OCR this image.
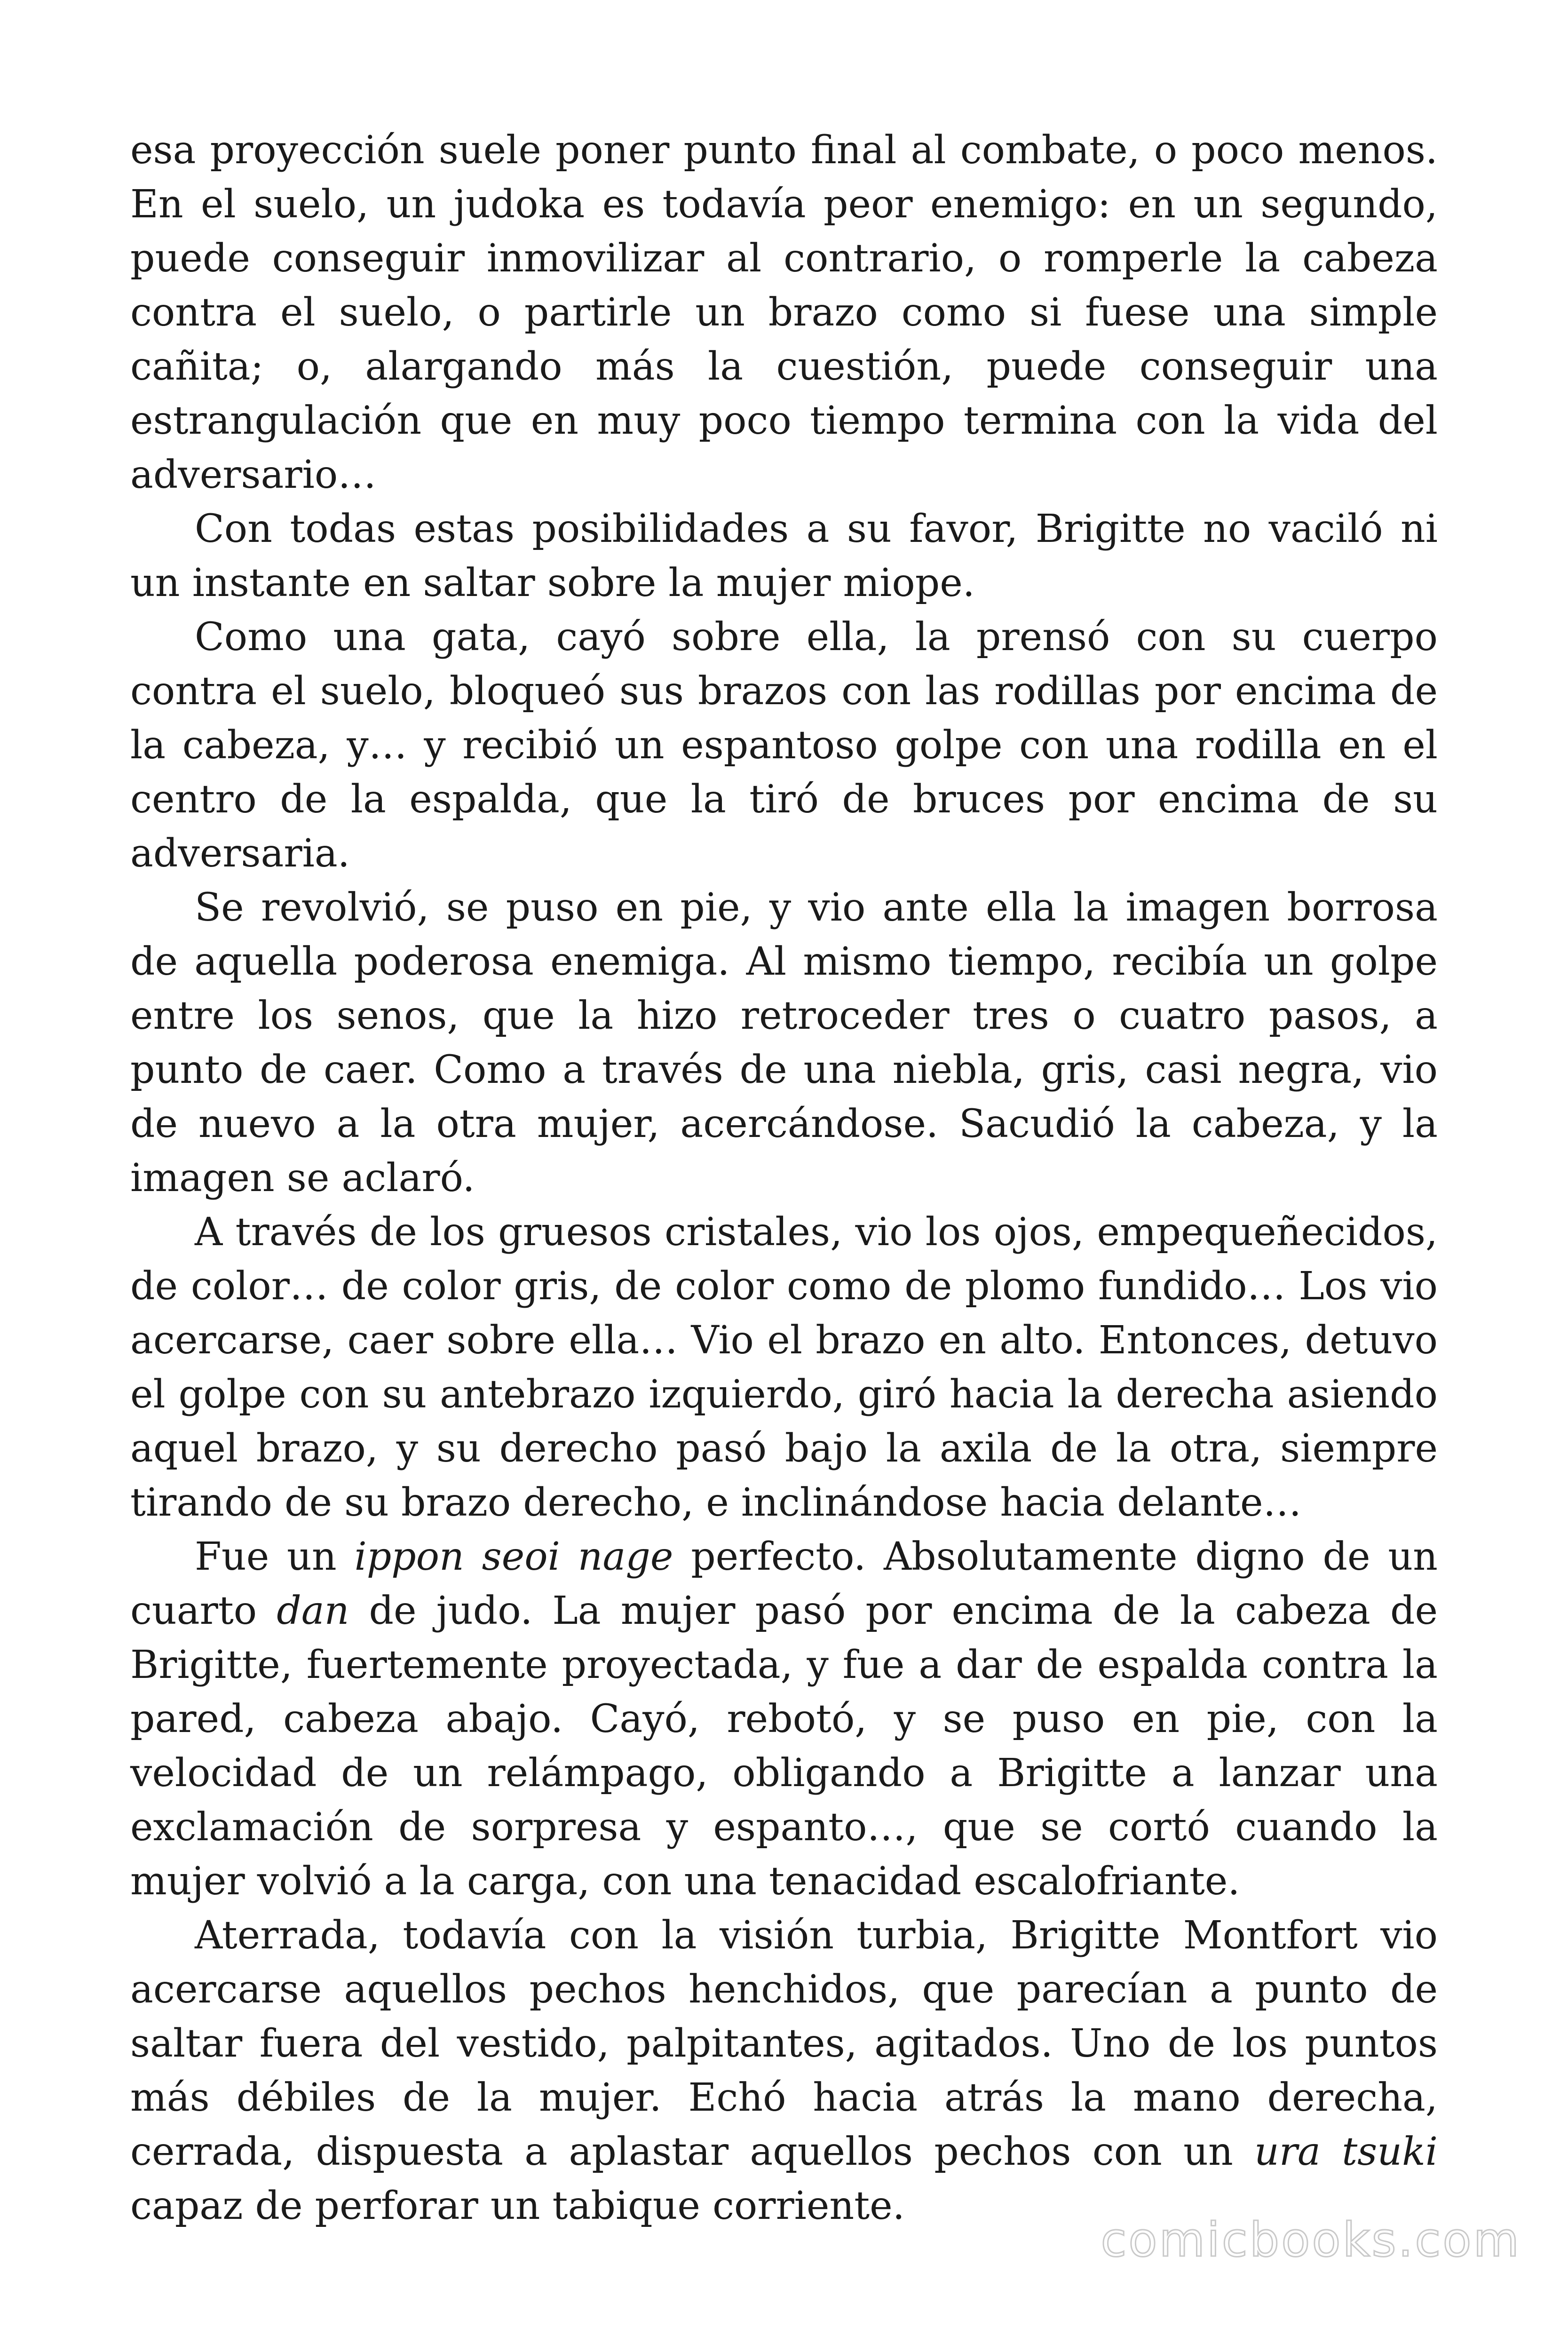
esa proyección suele poner punto final al combate, o poco menos. En el suelo, un judoka es todavía peor enemigo: en un segundo, puede conseguir inmovilizar al contrario, o romperle la cabeza contra el suelo, o partirle un brazo como si fuese una simple cañita; o, alargando más la cuestión, puede conseguir una estrangulación que en muy poco tiempo termina con la vida del adversario…

Con todas estas posibilidades a su favor, Brigitte no vaciló ni un instante en saltar sobre la mujer miope.

Como una gata, cayó sobre ella, la prensó con su cuerpo contra el suelo, bloqueó sus brazos con las rodillas por encima de la cabeza, y… y recibió un espantoso golpe con una rodilla en el centro de la espalda, que la tiró de bruces por encima de su adversaria.

Se revolvió, se puso en pie, y vio ante ella la imagen borrosa de aquella poderosa enemiga. Al mismo tiempo, recibía un golpe entre los senos, que la hizo retroceder tres o cuatro pasos, a punto de caer. Como a través de una niebla, gris, casi negra, vio de nuevo a la otra mujer, acercándose. Sacudió la cabeza, y la imagen se aclaró.

A través de los gruesos cristales, vio los ojos, empequeñecidos, de color… de color gris, de color como de plomo fundido… Los vio acercarse, caer sobre ella… Vio el brazo en alto. Entonces, detuvo el golpe con su antebrazo izquierdo, giró hacia la derecha asiendo aquel brazo, y su derecho pasó bajo la axila de la otra, siempre tirando de su brazo derecho, e inclinándose hacia delante…

Fue un ippon seoi nage perfecto. Absolutamente digno de un cuarto dan de judo. La mujer pasó por encima de la cabeza de Brigitte, fuertemente proyectada, y fue a dar de espalda contra la pared, cabeza abajo. Cayó, rebotó, y se puso en pie, con la velocidad de un relámpago, obligando a Brigitte a lanzar una exclamación de sorpresa y espanto…, que se cortó cuando la mujer volvió a la carga, con una tenacidad escalofriante.

Aterrada, todavía con la visión turbia, Brigitte Montfort vio acercarse aquellos pechos henchidos, que parecían a punto de saltar fuera del vestido, palpitantes, agitados. Uno de los puntos más débiles de la mujer. Echó hacia atrás la mano derecha, cerrada, dispuesta a aplastar aquellos pechos con un ura tsuki capaz de perforar un tabique corriente.

comicbooks.com
